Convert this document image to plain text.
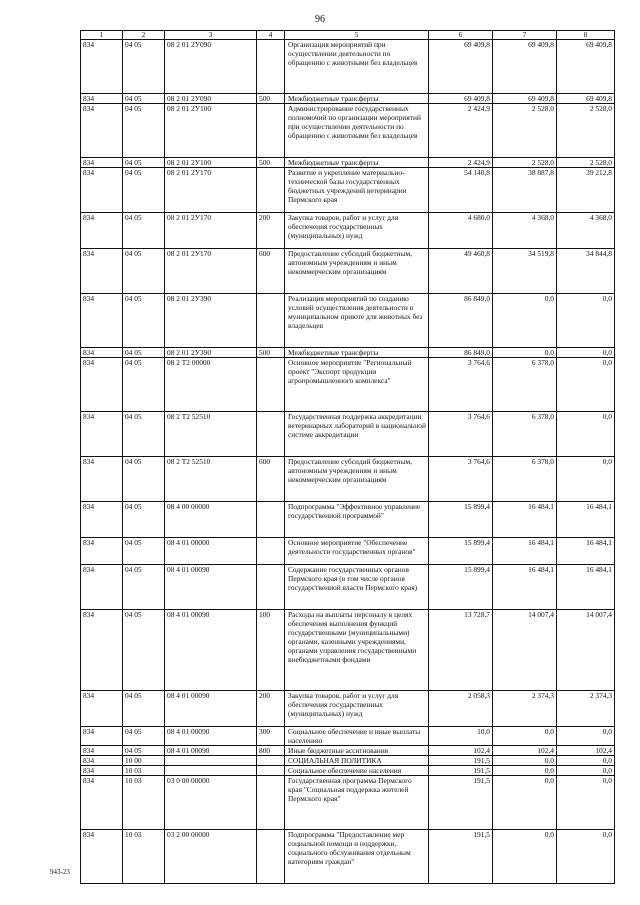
96
1	2	3	4	5	6	7	8
834	04 05	08 2 01 2У090		Организация мероприятий при осуществлении деятельности по обращению с животными без владельцев	69 409,8	69 409,8	69 409,8
834	04 05	08 2 01 2У090	500	Межбюджетные трансферты	69 409,8	69 409,8	69 409,8
834	04 05	08 2 01 2У100		Администрирование государственных полномочий по организации мероприятий при осуществлении деятельности по обращению с животными без владельцев	2 424,9	2 528,0	2 528,0
834	04 05	08 2 01 2У100	500	Межбюджетные трансферты	2 424,9	2 528,0	2 528,0
834	04 05	08 2 01 2У170		Развитие и укрепление материально-технической базы государственных бюджетных учреждений ветеринарии Пермского края	54 140,8	38 887,8	39 212,8
834	04 05	08 2 01 2У170	200	Закупка товаров, работ и услуг для обеспечения государственных (муниципальных) нужд	4 680,0	4 368,0	4 368,0
834	04 05	08 2 01 2У170	600	Предоставление субсидий бюджетным, автономным учреждениям и иным некоммерческим организациям	49 460,8	34 519,8	34 844,8
834	04 05	08 2 01 2У390		Реализация мероприятий по созданию условий осуществления деятельности в муниципальном приюте для животных без владельцев	86 849,0	0,0	0,0
834	04 05	08 2 01 2У390	500	Межбюджетные трансферты	86 849,0	0,0	0,0
834	04 05	08 2 Т2 00000		Основное мероприятие "Региональный проект "Экспорт продукции агропромышленного комплекса"	3 764,6	6 378,0	0,0
834	04 05	08 2 Т2 52510		Государственная поддержка аккредитации ветеринарных лабораторий в национальной системе аккредитации	3 764,6	6 378,0	0,0
834	04 05	08 2 Т2 52510	600	Предоставление субсидий бюджетным, автономным учреждениям и иным некоммерческим организациям	3 764,6	6 378,0	0,0
834	04 05	08 4 00 00000		Подпрограмма "Эффективное управление государственной программой"	15 899,4	16 484,1	16 484,1
834	04 05	08 4 01 00000		Основное мероприятие "Обеспечение деятельности государственных органов"	15 899,4	16 484,1	16 484,1
834	04 05	08 4 01 00090		Содержание государственных органов Пермского края (в том числе органов государственной власти Пермского края)	15 899,4	16 484,1	16 484,1
834	04 05	08 4 01 00090	100	Расходы на выплаты персоналу в целях обеспечения выполнения функций государственными (муниципальными) органами, казенными учреждениями, органами управления государственными внебюджетными фондами	13 728,7	14 007,4	14 007,4
834	04 05	08 4 01 00090	200	Закупка товаров, работ и услуг для обеспечения государственных (муниципальных) нужд	2 058,3	2 374,3	2 374,3
834	04 05	08 4 01 00090	300	Социальное обеспечение и иные выплаты населению	10,0	0,0	0,0
834	04 05	08 4 01 00090	800	Иные бюджетные ассигнования	102,4	102,4	102,4
834	10 00			СОЦИАЛЬНАЯ ПОЛИТИКА	191,5	0,0	0,0
834	10 03			Социальное обеспечение населения	191,5	0,0	0,0
834	10 03	03 0 00 00000		Государственная программа Пермского края "Социальная поддержка жителей Пермского края"	191,5	0,0	0,0
834	10 03	03 2 00 00000		Подпрограмма "Предоставление мер социальной помощи и поддержки, социального обслуживания отдельным категориям граждан"	191,5	0,0	0,0
943-23
